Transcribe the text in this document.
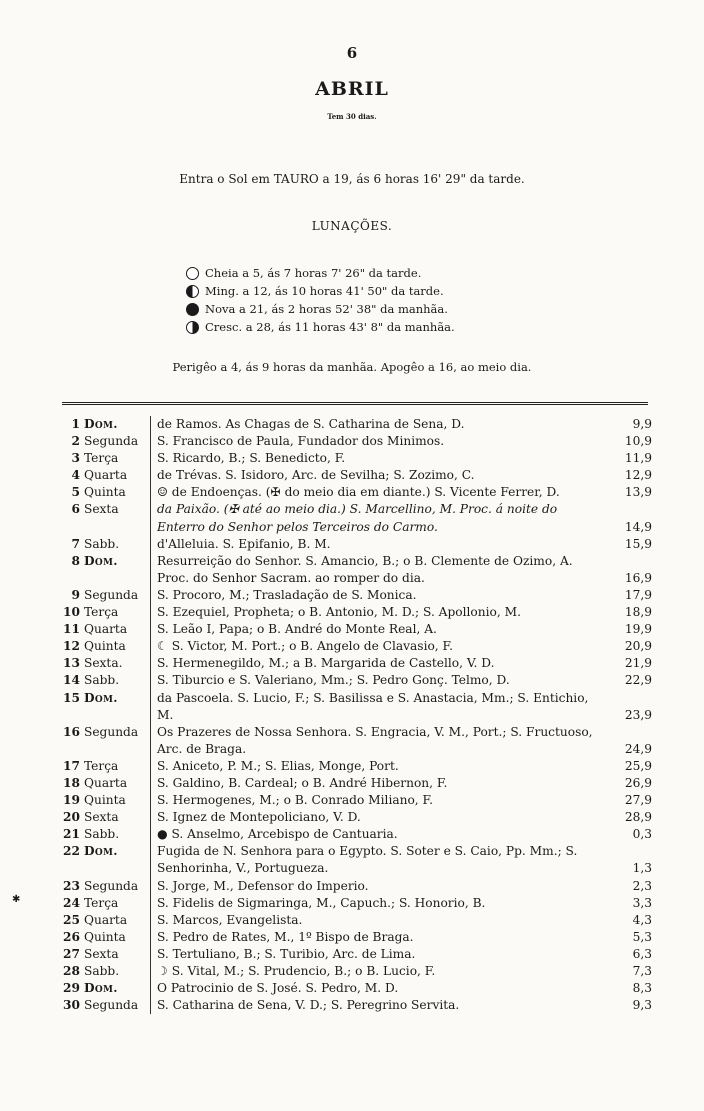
6
ABRIL
Tem 30 dias.
Entra o Sol em TAURO a 19, ás 6 horas 16' 29" da tarde.
LUNAÇÕES.
Cheia a 5, ás 7 horas 7' 26" da tarde.
Ming. a 12, ás 10 horas 41' 50" da tarde.
Nova a 21, ás 2 horas 52' 38" da manhãa.
Cresc. a 28, ás 11 horas 43' 8" da manhãa.
Perigêo a 4, ás 9 horas da manhãa. Apogêo a 16, ao meio dia.
1 Dom.	de Ramos. As Chagas de S. Catharina de Sena, D.	9,9
2 Segunda	S. Francisco de Paula, Fundador dos Minimos.	10,9
3 Terça	S. Ricardo, B.; S. Benedicto, F.	11,9
4 Quarta	de Trévas. S. Isidoro, Arc. de Sevilha; S. Zozimo, C.	12,9
5 Quinta	☺ de Endoenças. (✠ do meio dia em diante.) S. Vicente Ferrer, D.	13,9
6 Sexta	da Paixão. (✠ até ao meio dia.) S. Marcellino, M. Proc. á noite do Enterro do Senhor pelos Terceiros do Carmo.	14,9
7 Sabb.	d'Alleluia. S. Epifanio, B. M.	15,9
8 Dom.	Resurreição do Senhor. S. Amancio, B.; o B. Clemente de Ozimo, A. Proc. do Senhor Sacram. ao romper do dia.	16,9
9 Segunda	S. Procoro, M.; Trasladação de S. Monica.	17,9
10 Terça	S. Ezequiel, Propheta; o B. Antonio, M. D.; S. Apollonio, M.	18,9
11 Quarta	S. Leão I, Papa; o B. André do Monte Real, A.	19,9
12 Quinta	☾ S. Victor, M. Port.; o B. Angelo de Clavasio, F.	20,9
13 Sexta.	S. Hermenegildo, M.; a B. Margarida de Castello, V. D.	21,9
14 Sabb.	S. Tiburcio e S. Valeriano, Mm.; S. Pedro Gonç. Telmo, D.	22,9
15 Dom.	da Pascoela. S. Lucio, F.; S. Basilissa e S. Anastacia, Mm.; S. Entichio, M.	23,9
16 Segunda	Os Prazeres de Nossa Senhora. S. Engracia, V. M., Port.; S. Fructuoso, Arc. de Braga.	24,9
17 Terça	S. Aniceto, P. M.; S. Elias, Monge, Port.	25,9
18 Quarta	S. Galdino, B. Cardeal; o B. André Hibernon, F.	26,9
19 Quinta	S. Hermogenes, M.; o B. Conrado Miliano, F.	27,9
20 Sexta	S. Ignez de Montepoliciano, V. D.	28,9
21 Sabb.	● S. Anselmo, Arcebispo de Cantuaria.	0,3
22 Dom.	Fugida de N. Senhora para o Egypto. S. Soter e S. Caio, Pp. Mm.; S. Senhorinha, V., Portugueza.	1,3
23 Segunda	S. Jorge, M., Defensor do Imperio.	2,3
24 Terça	S. Fidelis de Sigmaringa, M., Capuch.; S. Honorio, B.	3,3
25 Quarta	S. Marcos, Evangelista.	4,3
26 Quinta	S. Pedro de Rates, M., 1º Bispo de Braga.	5,3
27 Sexta	S. Tertuliano, B.; S. Turibio, Arc. de Lima.	6,3
28 Sabb.	☽ S. Vital, M.; S. Prudencio, B.; o B. Lucio, F.	7,3
29 Dom.	O Patrocinio de S. José. S. Pedro, M. D.	8,3
30 Segunda	S. Catharina de Sena, V. D.; S. Peregrino Servita.	9,3
✱
